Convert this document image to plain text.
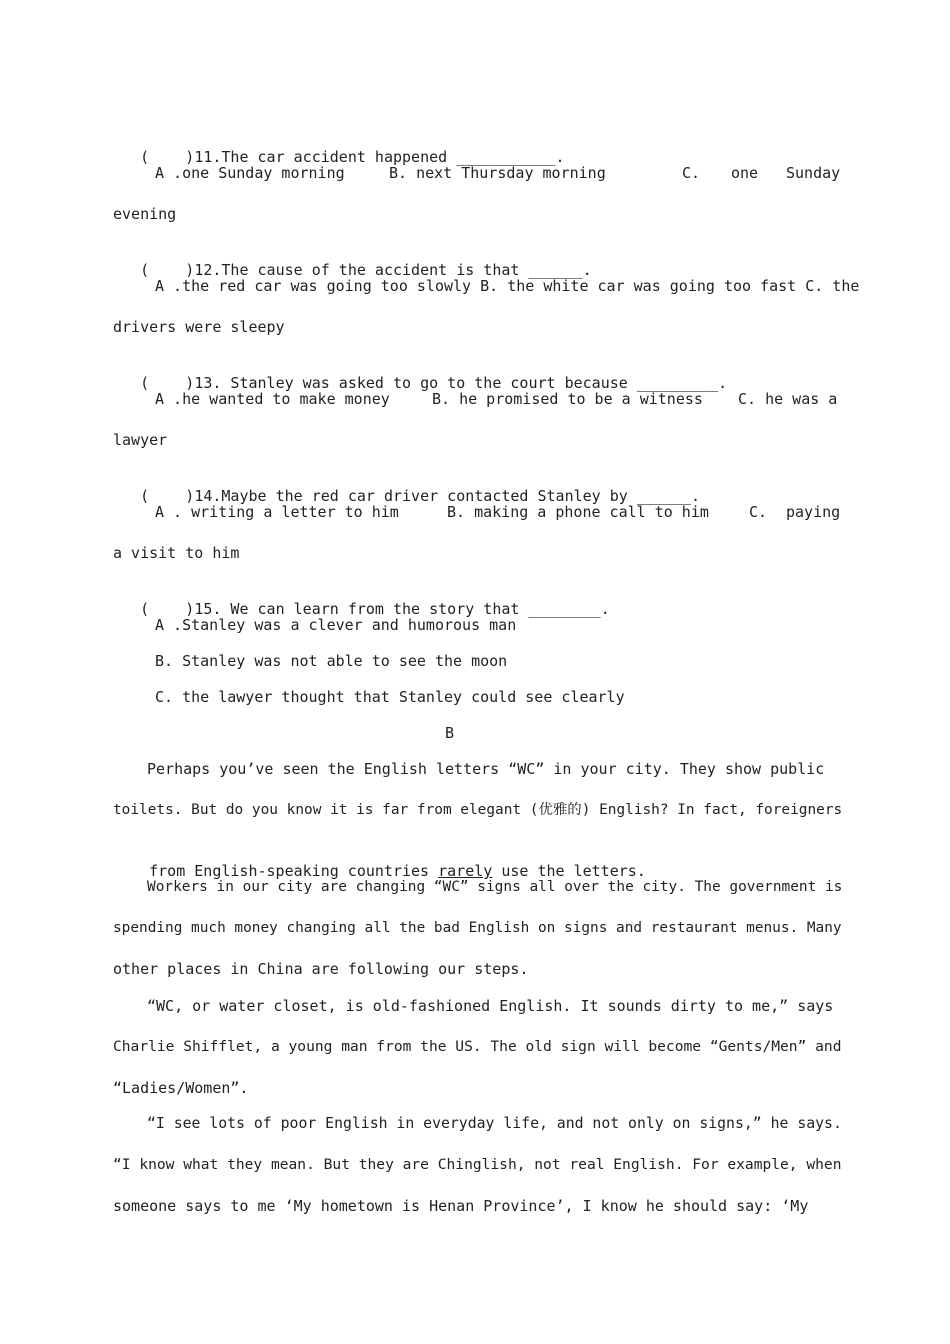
(    )11.The car accident happened ___________.

A .one Sunday morning	B. next Thursday morning	C. one Sunday
evening

(    )12.The cause of the accident is that ______.

A .the red car was going too slowly B. the white car was going too fast C. the
drivers were sleepy

(    )13. Stanley was asked to go to the court because _________.

A .he wanted to make money	B. he promised to be a witness C. he was a
lawyer

(    )14.Maybe the red car driver contacted Stanley by ______.

A . writing a letter to him	B. making a phone call to him	C. paying
a visit to him

(    )15. We can learn from the story that ________.

A .Stanley was a clever and humorous man
B. Stanley was not able to see the moon
C. the lawyer thought that Stanley could see clearly
B
Perhaps you’ve seen the English letters “WC” in your city. They show public
toilets. But do you know it is far from elegant (优雅的) English? In fact, foreigners

from English-speaking countries rarely use the letters.

Workers in our city are changing “WC” signs all over the city. The government is
spending much money changing all the bad English on signs and restaurant menus. Many
other places in China are following our steps.
“WC, or water closet, is old-fashioned English. It sounds dirty to me,” says
Charlie Shifflet, a young man from the US. The old sign will become “Gents/Men” and
“Ladies/Women”.
“I see lots of poor English in everyday life, and not only on signs,” he says.
“I know what they mean. But they are Chinglish, not real English. For example, when
someone says to me ‘My hometown is Henan Province’, I know he should say: ‘My
